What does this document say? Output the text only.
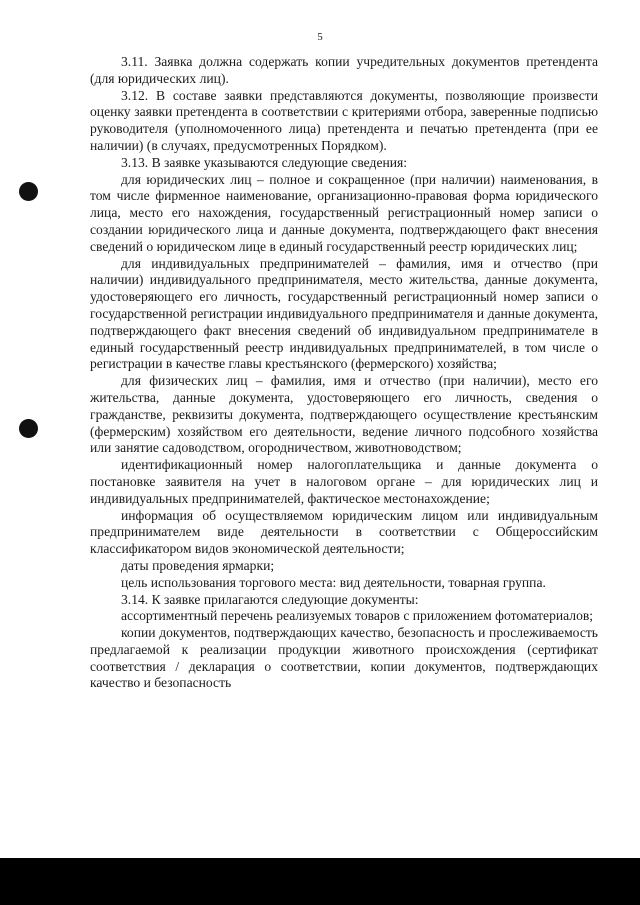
5

3.11. Заявка должна содержать копии учредительных документов претендента (для юридических лиц).

3.12. В составе заявки представляются документы, позволяющие произвести оценку заявки претендента в соответствии с критериями отбора, заверенные подписью руководителя (уполномоченного лица) претендента и печатью претендента (при ее наличии) (в случаях, предусмотренных Порядком).

3.13. В заявке указываются следующие сведения:

для юридических лиц – полное и сокращенное (при наличии) наименования, в том числе фирменное наименование, организационно-правовая форма юридического лица, место его нахождения, государственный регистрационный номер записи о создании юридического лица и данные документа, подтверждающего факт внесения сведений о юридическом лице в единый государственный реестр юридических лиц;

для индивидуальных предпринимателей – фамилия, имя и отчество (при наличии) индивидуального предпринимателя, место жительства, данные документа, удостоверяющего его личность, государственный регистрационный номер записи о государственной регистрации индивидуального предпринимателя и данные документа, подтверждающего факт внесения сведений об индивидуальном предпринимателе в единый государственный реестр индивидуальных предпринимателей, в том числе о регистрации в качестве главы крестьянского (фермерского) хозяйства;

для физических лиц – фамилия, имя и отчество (при наличии), место его жительства, данные документа, удостоверяющего его личность, сведения о гражданстве, реквизиты документа, подтверждающего осуществление крестьянским (фермерским) хозяйством его деятельности, ведение личного подсобного хозяйства или занятие садоводством, огородничеством, животноводством;

идентификационный номер налогоплательщика и данные документа о постановке заявителя на учет в налоговом органе – для юридических лиц и индивидуальных предпринимателей, фактическое местонахождение;

информация об осуществляемом юридическим лицом или индивидуальным предпринимателем виде деятельности в соответствии с Общероссийским классификатором видов экономической деятельности;

даты проведения ярмарки;

цель использования торгового места: вид деятельности, товарная группа.

3.14. К заявке прилагаются следующие документы:

ассортиментный перечень реализуемых товаров с приложением фотоматериалов;

копии документов, подтверждающих качество, безопасность и прослеживаемость предлагаемой к реализации продукции животного происхождения (сертификат соответствия / декларация о соответствии, копии документов, подтверждающих качество и безопасность
